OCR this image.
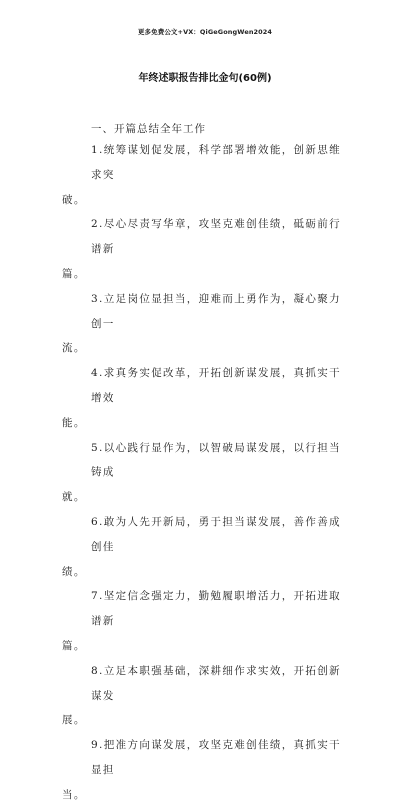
更多免费公文+VX：QiGeGongWen2024
年终述职报告排比金句(60例)
一、开篇总结全年工作
1.统筹谋划促发展，科学部署增效能，创新思维求突
破。
2.尽心尽责写华章，攻坚克难创佳绩，砥砺前行谱新
篇。
3.立足岗位显担当，迎难而上勇作为，凝心聚力创一
流。
4.求真务实促改革，开拓创新谋发展，真抓实干增效
能。
5.以心践行显作为，以智破局谋发展，以行担当铸成
就。
6.敢为人先开新局，勇于担当谋发展，善作善成创佳
绩。
7.坚定信念强定力，勤勉履职增活力，开拓进取谱新
篇。
8.立足本职强基础，深耕细作求实效，开拓创新谋发
展。
9.把准方向谋发展，攻坚克难创佳绩，真抓实干显担
当。
